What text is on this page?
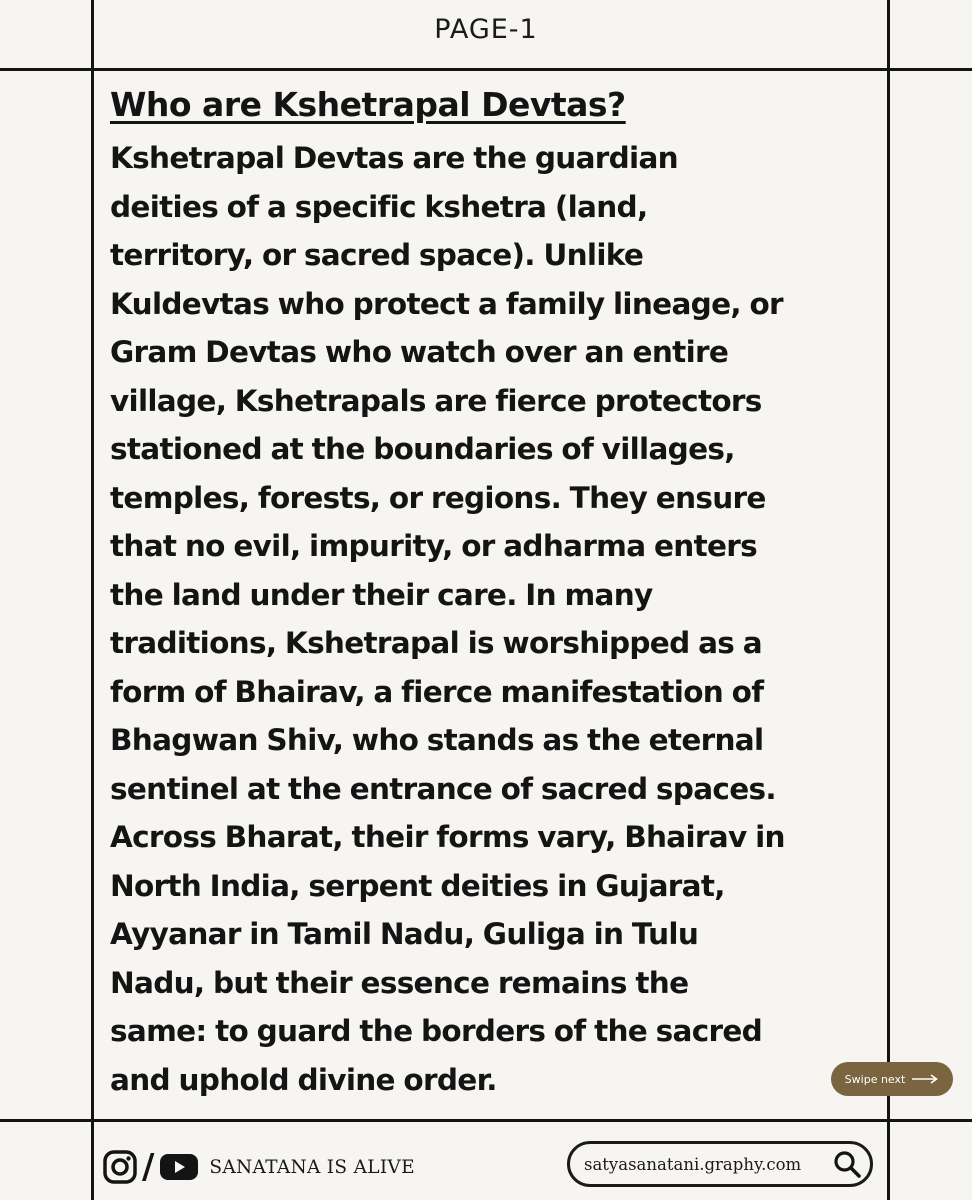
PAGE-1
Who are Kshetrapal Devtas?

Kshetrapal Devtas are the guardian
deities of a specific kshetra (land,
territory, or sacred space). Unlike
Kuldevtas who protect a family lineage, or
Gram Devtas who watch over an entire
village, Kshetrapals are fierce protectors
stationed at the boundaries of villages,
temples, forests, or regions. They ensure
that no evil, impurity, or adharma enters
the land under their care. In many
traditions, Kshetrapal is worshipped as a
form of Bhairav, a fierce manifestation of
Bhagwan Shiv, who stands as the eternal
sentinel at the entrance of sacred spaces.
Across Bharat, their forms vary, Bhairav in
North India, serpent deities in Gujarat,
Ayyanar in Tamil Nadu, Guliga in Tulu
Nadu, but their essence remains the
same: to guard the borders of the sacred
and uphold divine order.	Swipe next
/	SANATANA IS ALIVE	satyasanatani.graphy.com
